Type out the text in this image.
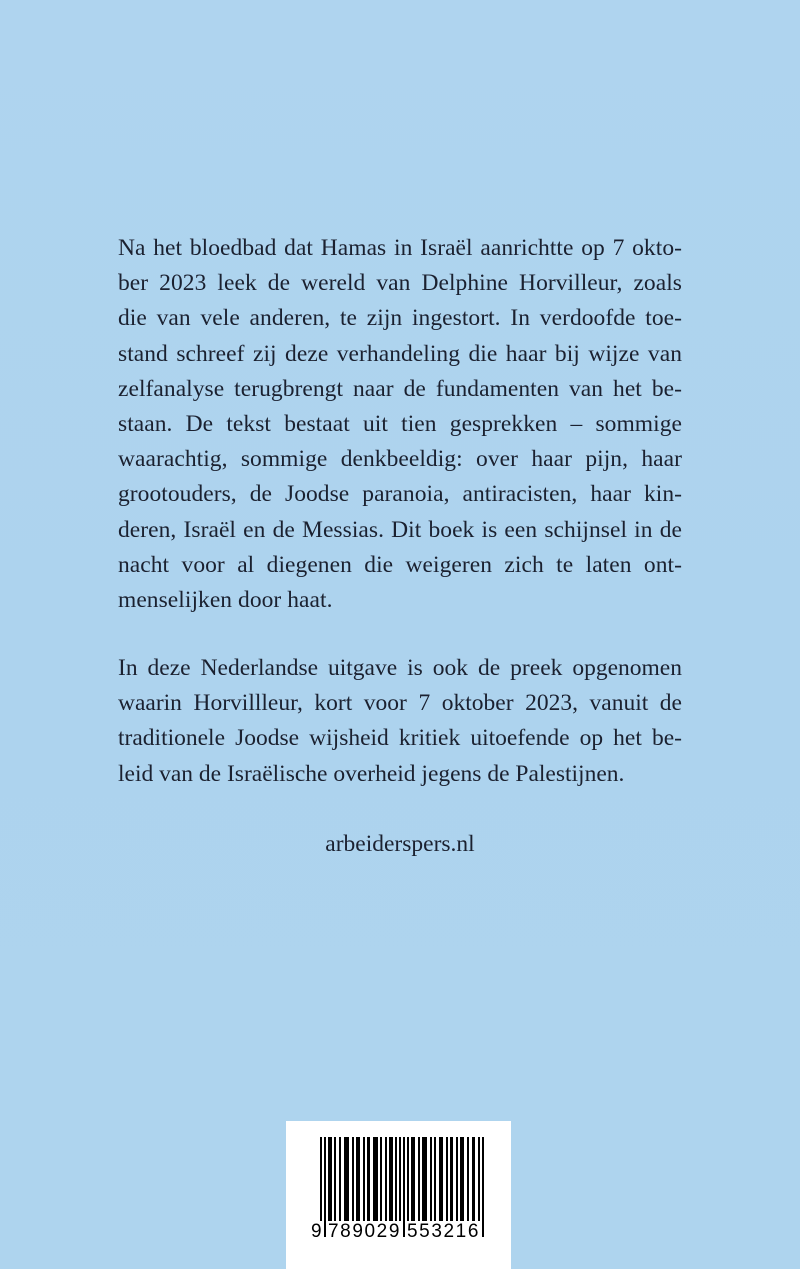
Na het bloedbad dat Hamas in Israël aanrichtte op 7 okto-
ber 2023 leek de wereld van Delphine Horvilleur, zoals
die van vele anderen, te zijn ingestort. In verdoofde toe-
stand schreef zij deze verhandeling die haar bij wijze van
zelfanalyse terugbrengt naar de fundamenten van het be-
staan. De tekst bestaat uit tien gesprekken – sommige
waarachtig, sommige denkbeeldig: over haar pijn, haar
grootouders, de Joodse paranoia, antiracisten, haar kin-
deren, Israël en de Messias. Dit boek is een schijnsel in de
nacht voor al diegenen die weigeren zich te laten ont-
menselijken door haat.
In deze Nederlandse uitgave is ook de preek opgenomen
waarin Horvillleur, kort voor 7 oktober 2023, vanuit de
traditionele Joodse wijsheid kritiek uitoefende op het be-
leid van de Israëlische overheid jegens de Palestijnen.
arbeiderspers.nl
9 789029 553216
